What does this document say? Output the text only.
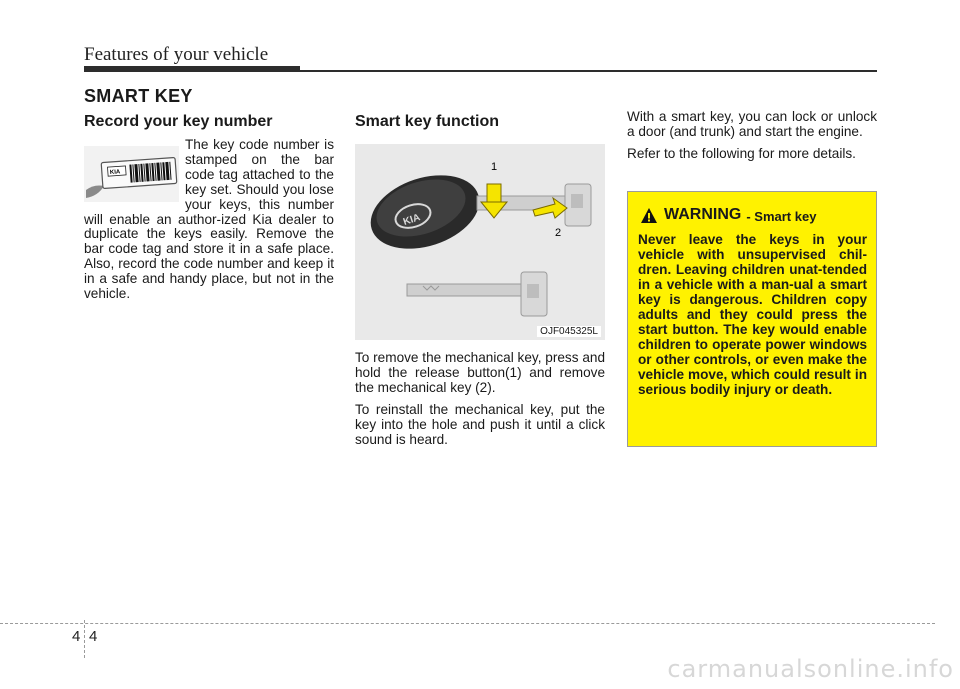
Features of your vehicle
SMART KEY
Record your key number
KIA
The key code number is stamped on the bar code tag attached to the key set. Should you lose your keys, this number will enable an author-ized Kia dealer to duplicate the keys easily. Remove the bar code tag and store it in a safe place. Also, record the code number and keep it in a safe and handy place, but not in the vehicle.
Smart key function
KIA
1
2
OJF045325L

To remove the mechanical key, press and hold the release button(1) and remove the mechanical key (2).

To reinstall the mechanical key, put the key into the hole and push it until a click sound is heard.

With a smart key, you can lock or unlock a door (and trunk) and start the engine.

Refer to the following for more details.

WARNING - Smart key
Never leave the keys in your vehicle with unsupervised chil-dren. Leaving children unat-tended in a vehicle with a man-ual a smart key is dangerous. Children copy adults and they could press the start button. The key would enable children to operate power windows or other controls, or even make the vehicle move, which could result in serious bodily injury or death.
4 4
carmanualsonline.info
